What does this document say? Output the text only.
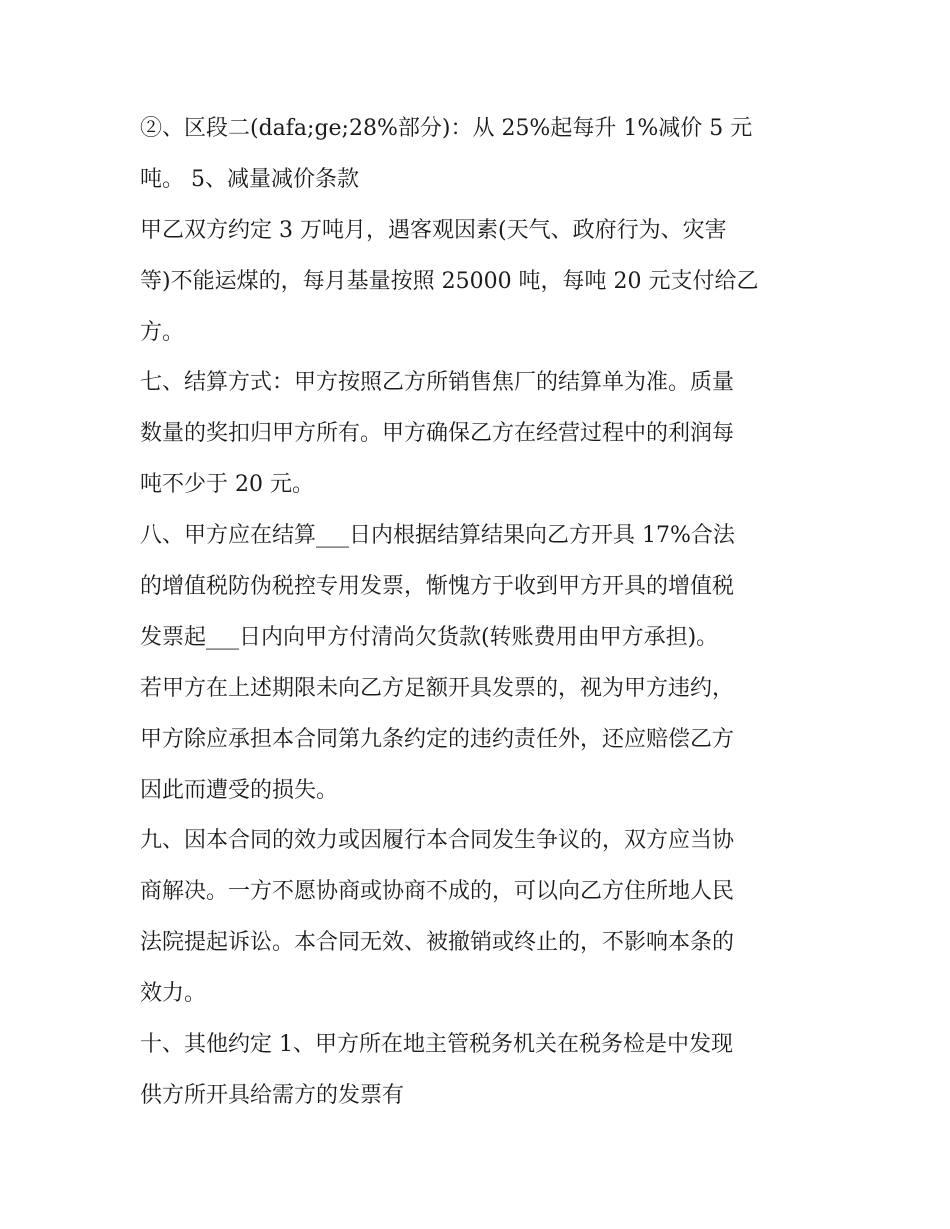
②、区段二(dafa;ge;28%部分)：从 25%起每升 1%减价 5 元
吨。 5、减量减价条款
甲乙双方约定 3 万吨月，遇客观因素(天气、政府行为、灾害
等)不能运煤的，每月基量按照 25000 吨，每吨 20 元支付给乙
方。
七、结算方式：甲方按照乙方所销售焦厂的结算单为准。质量
数量的奖扣归甲方所有。甲方确保乙方在经营过程中的利润每
吨不少于 20 元。
八、甲方应在结算___日内根据结算结果向乙方开具 17%合法
的增值税防伪税控专用发票，惭愧方于收到甲方开具的增值税
发票起___日内向甲方付清尚欠货款(转账费用由甲方承担)。
若甲方在上述期限未向乙方足额开具发票的，视为甲方违约，
甲方除应承担本合同第九条约定的违约责任外，还应赔偿乙方
因此而遭受的损失。
九、因本合同的效力或因履行本合同发生争议的，双方应当协
商解决。一方不愿协商或协商不成的，可以向乙方住所地人民
法院提起诉讼。本合同无效、被撤销或终止的，不影响本条的
效力。
十、其他约定 1、甲方所在地主管税务机关在税务检是中发现
供方所开具给需方的发票有
